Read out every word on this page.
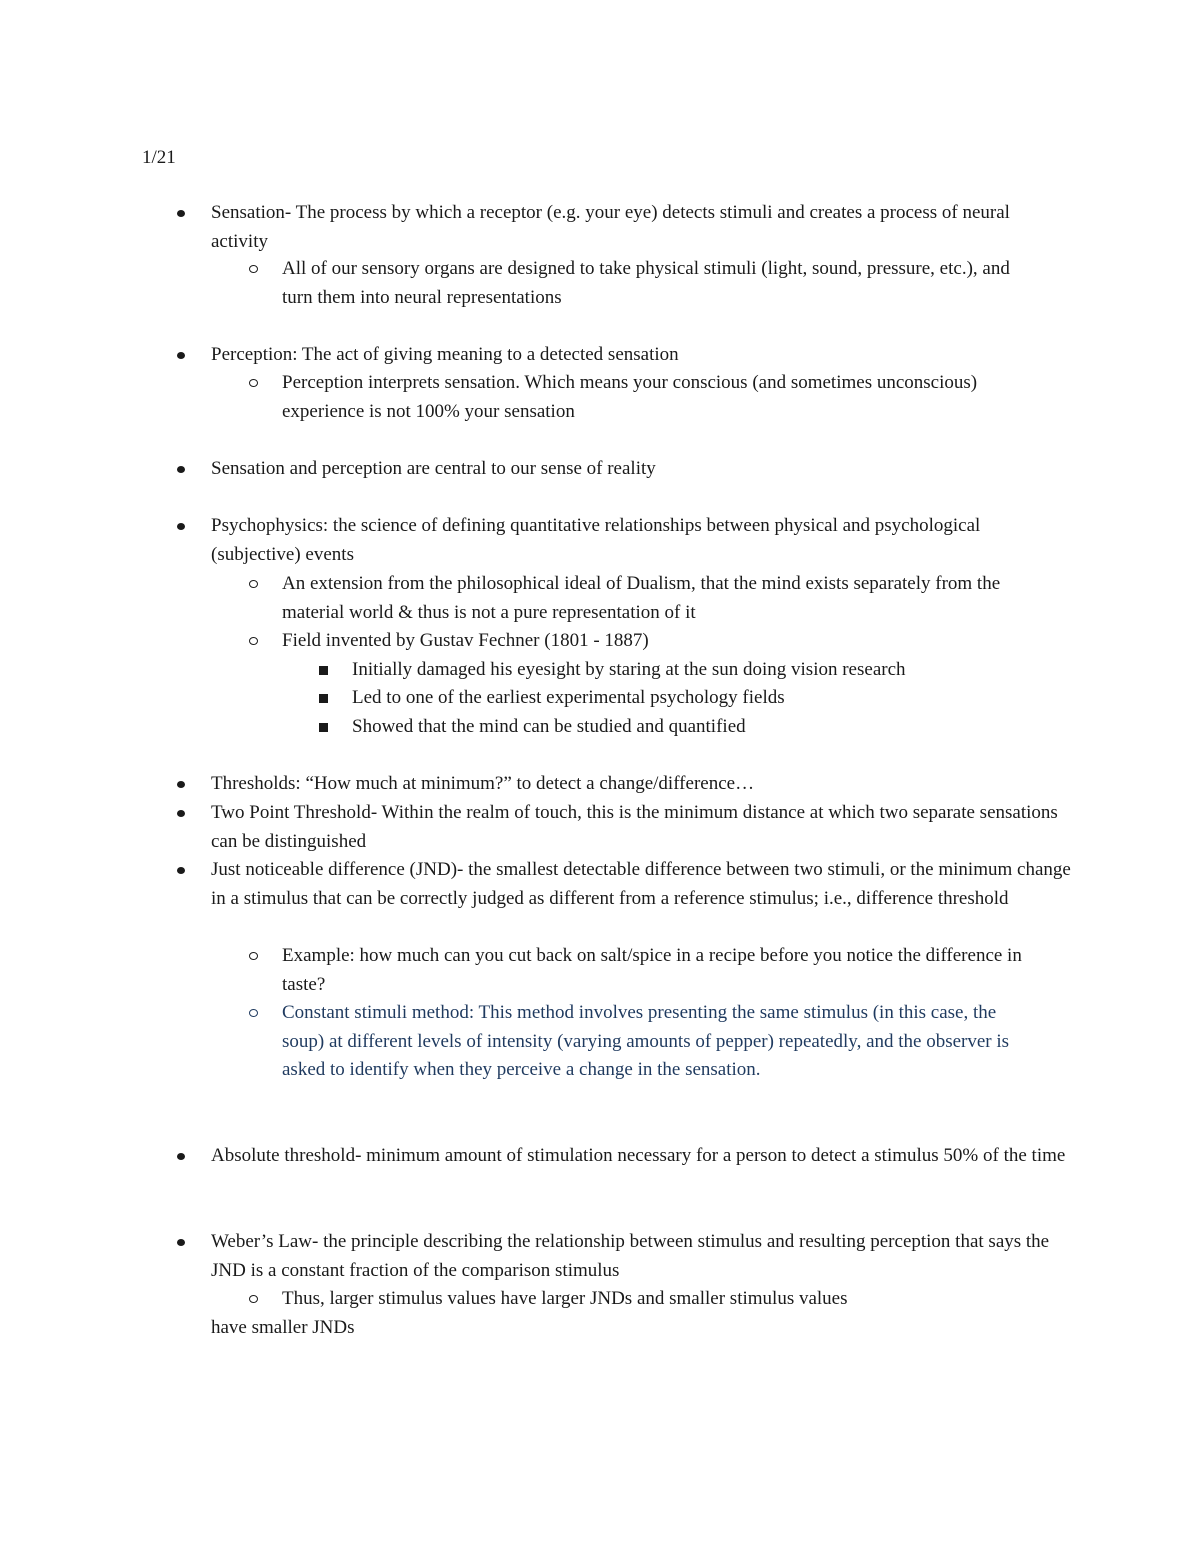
1/21
Sensation- The process by which a receptor (e.g. your eye) detects stimuli and creates a process of neural activity
All of our sensory organs are designed to take physical stimuli (light, sound, pressure, etc.), and turn them into neural representations
Perception: The act of giving meaning to a detected sensation
Perception interprets sensation. Which means your conscious (and sometimes unconscious) experience is not 100% your sensation
Sensation and perception are central to our sense of reality
Psychophysics: the science of defining quantitative relationships between physical and psychological (subjective) events
An extension from the philosophical ideal of Dualism, that the mind exists separately from the material world & thus is not a pure representation of it
Field invented by Gustav Fechner (1801 - 1887)
Initially damaged his eyesight by staring at the sun doing vision research
Led to one of the earliest experimental psychology fields
Showed that the mind can be studied and quantified
Thresholds: “How much at minimum?” to detect a change/difference…
Two Point Threshold- Within the realm of touch, this is the minimum distance at which two separate sensations can be distinguished
Just noticeable difference (JND)- the smallest detectable difference between two stimuli, or the minimum change in a stimulus that can be correctly judged as different from a reference stimulus; i.e., difference threshold
Example: how much can you cut back on salt/spice in a recipe before you notice the difference in taste?
Constant stimuli method: This method involves presenting the same stimulus (in this case, the soup) at different levels of intensity (varying amounts of pepper) repeatedly, and the observer is asked to identify when they perceive a change in the sensation.
Absolute threshold- minimum amount of stimulation necessary for a person to detect a stimulus 50% of the time
Weber’s Law- the principle describing the relationship between stimulus and resulting perception that says the JND is a constant fraction of the comparison stimulus
Thus, larger stimulus values have larger JNDs and smaller stimulus values
have smaller JNDs
